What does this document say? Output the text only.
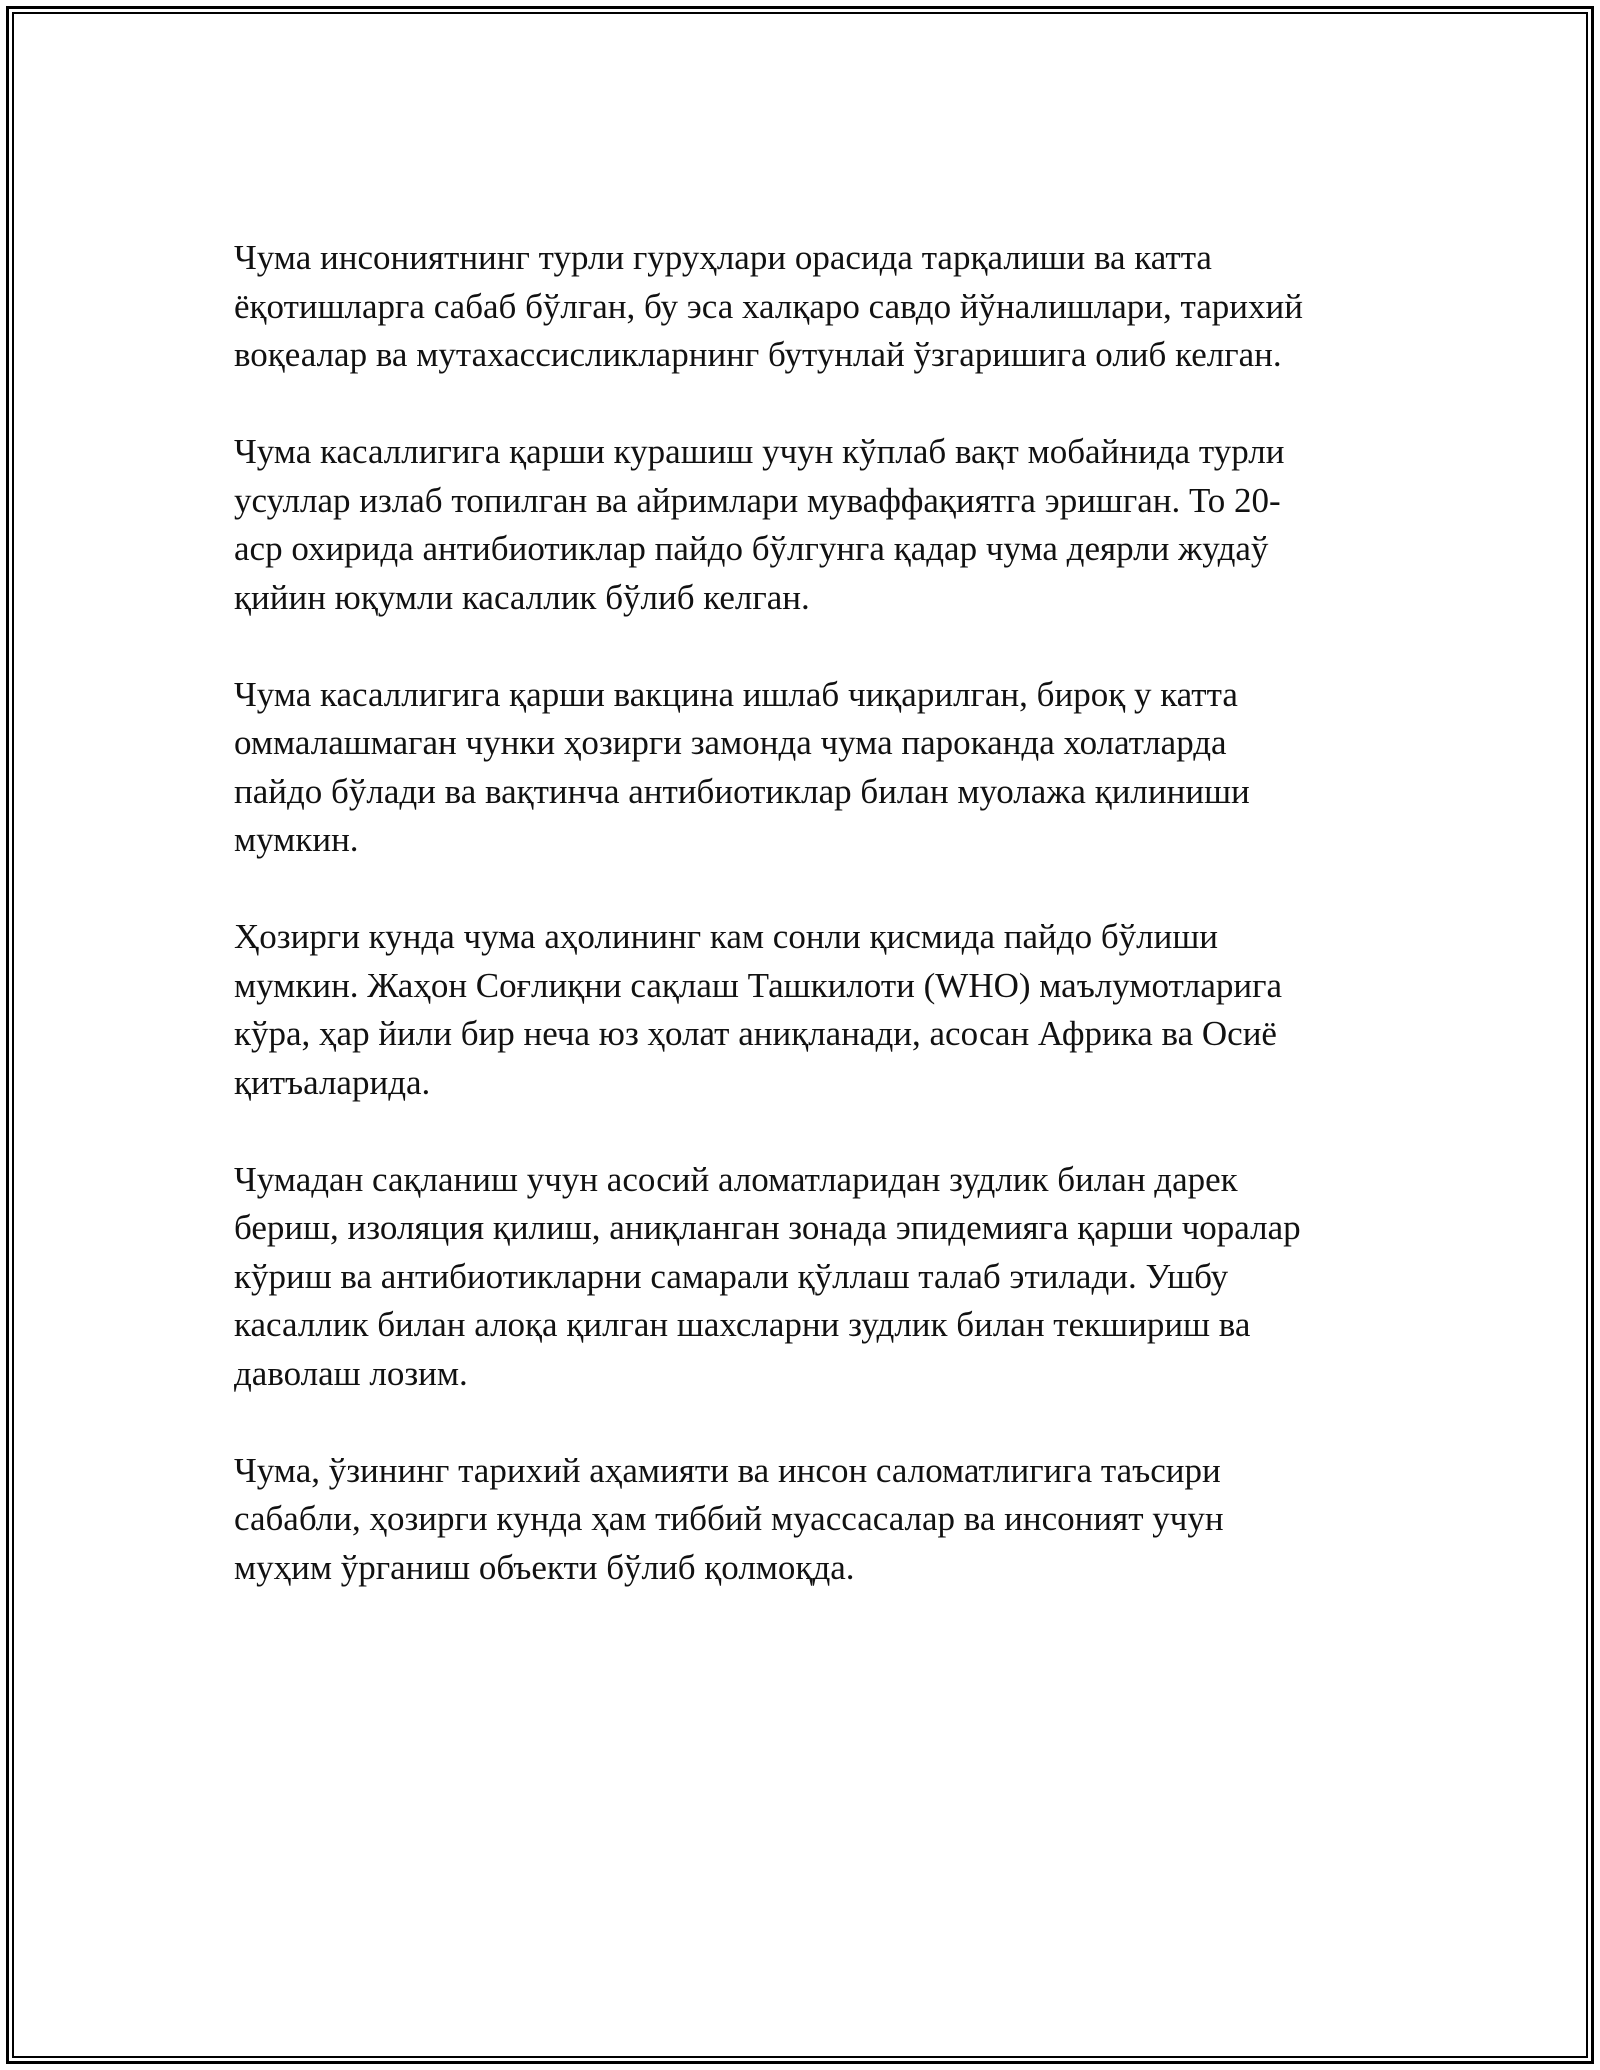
Чума инсониятнинг турли гуруҳлари орасида тарқалиши ва катта
ёқотишларга сабаб бўлган, бу эса халқаро савдо йўналишлари, тарихий
воқеалар ва мутахассисликларнинг бутунлай ўзгаришига олиб келган.

Чума касаллигига қарши курашиш учун кўплаб вақт мобайнида турли
усуллар излаб топилган ва айримлари муваффақиятга эришган. То 20-
аср охирида антибиотиклар пайдо бўлгунга қадар чума деярли жудаў
қийин юқумли касаллик бўлиб келган.

Чума касаллигига қарши вакцина ишлаб чиқарилган, бироқ у катта
оммалашмаган чунки ҳозирги замонда чума пароканда холатларда
пайдо бўлади ва вақтинча антибиотиклар билан муолажа қилиниши
мумкин.

Ҳозирги кунда чума аҳолининг кам сонли қисмида пайдо бўлиши
мумкин. Жаҳон Соғлиқни сақлаш Ташкилоти (WHO) маълумотларига
кўра, ҳар йили бир неча юз ҳолат аниқланади, асосан Африка ва Осиё
қитъаларида.

Чумадан сақланиш учун асосий аломатларидан зудлик билан дарек
бериш, изоляция қилиш, аниқланган зонада эпидемияга қарши чоралар
кўриш ва антибиотикларни самарали қўллаш талаб этилади. Ушбу
касаллик билан алоқа қилган шахсларни зудлик билан текшириш ва
даволаш лозим.

Чума, ўзининг тарихий аҳамияти ва инсон саломатлигига таъсири
сабабли, ҳозирги кунда ҳам тиббий муассасалар ва инсоният учун
муҳим ўрганиш объекти бўлиб қолмоқда.
